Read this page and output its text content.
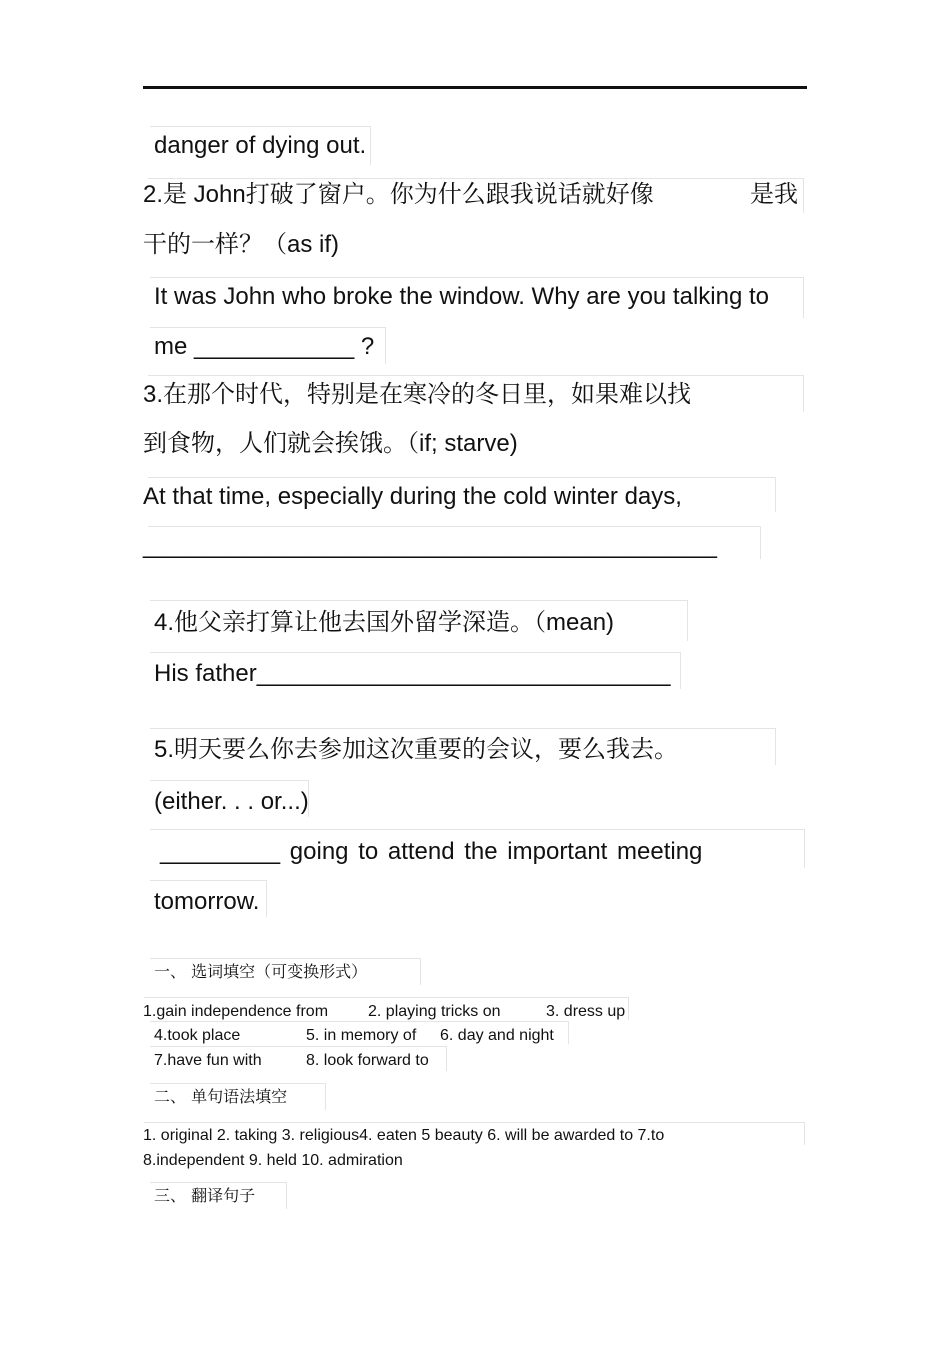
danger of dying out.
2.是 John打破了窗户。你为什么跟我说话就好像	是我
干的一样？（as if)
It was John who broke the window. Why are you talking to
me ____________ ?
3.在那个时代，特别是在寒冷的冬日里，如果难以找
到食物，人们就会挨饿。（if; starve)
At that time, especially during the cold winter days,
___________________________________________
4.他父亲打算让他去国外留学深造。（mean)
His father_______________________________
5.明天要么你去参加这次重要的会议，要么我去。
(either. . . or...)
_________ going to attend the important meeting
tomorrow.
一、 选词填空（可变换形式）
1.gain independence from 2. playing tricks on	3. dress up
4.took place	5. in memory of 6. day and night
7.have fun with	8. look forward to
二、 单句语法填空
1. original 2. taking 3. religious4. eaten 5 beauty 6. will be awarded to 7.to
8.independent 9. held 10. admiration
三、 翻译句子
